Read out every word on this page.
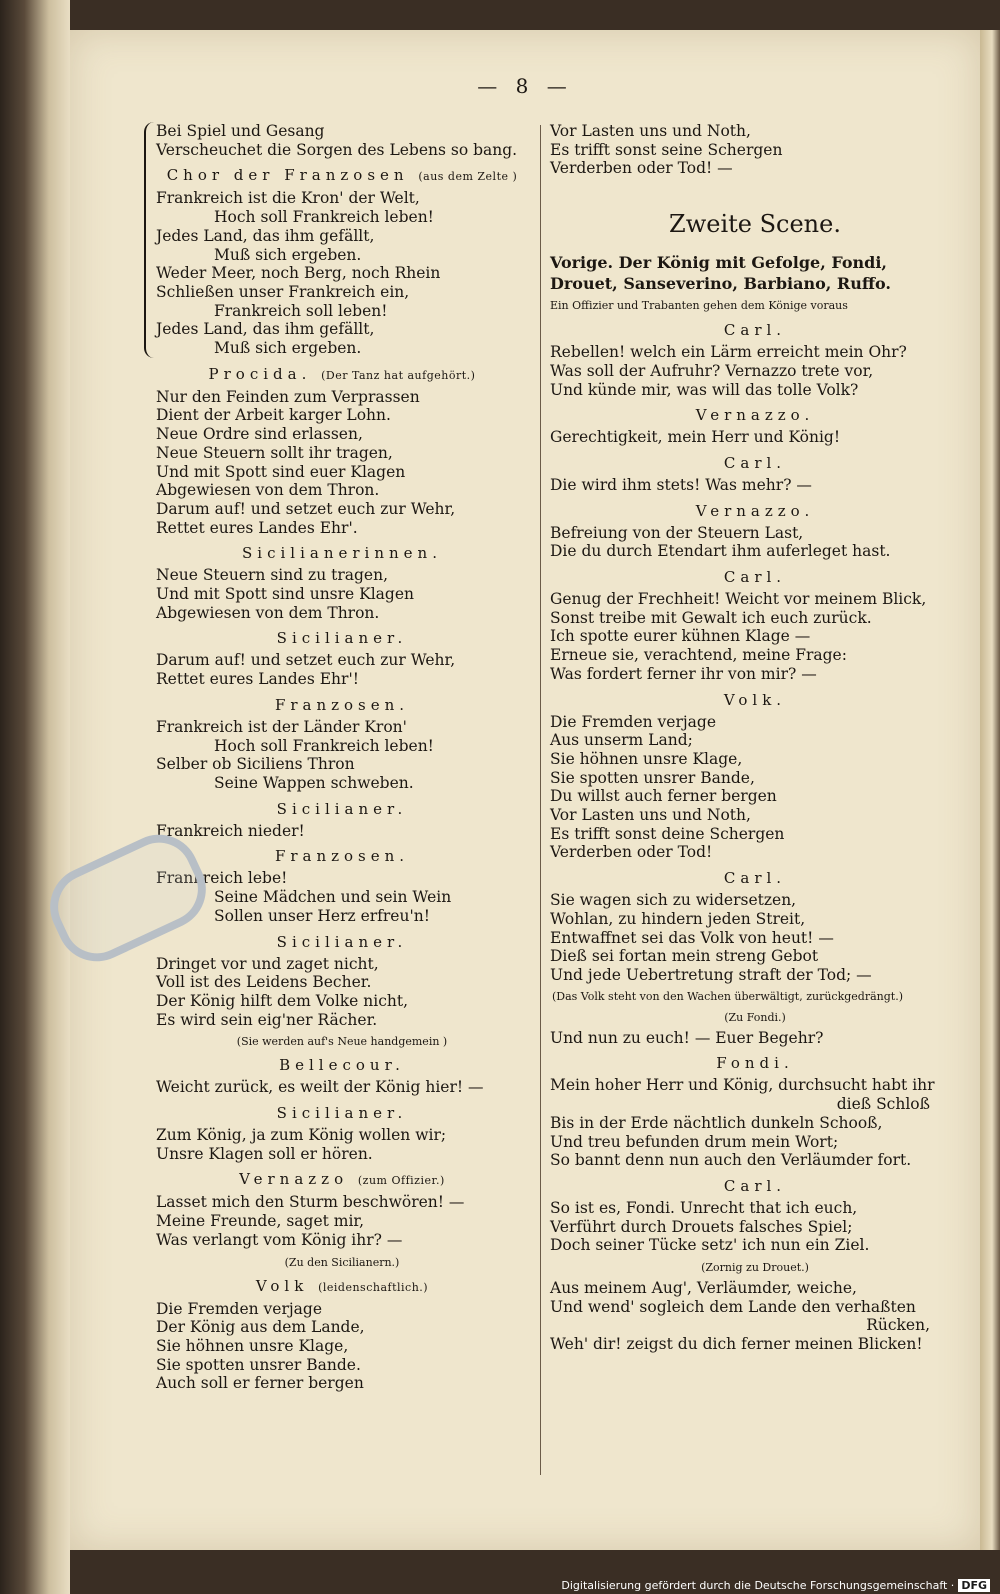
— 8 —
Bei Spiel und Gesang
Verscheuchet die Sorgen des Lebens so bang.
Chor der Franzosen (aus dem Zelte )
Frankreich ist die Kron' der Welt,
Hoch soll Frankreich leben!
Jedes Land, das ihm gefällt,
Muß sich ergeben.
Weder Meer, noch Berg, noch Rhein
Schließen unser Frankreich ein,
Frankreich soll leben!
Jedes Land, das ihm gefällt,
Muß sich ergeben.
Procida. (Der Tanz hat aufgehört.)
Nur den Feinden zum Verprassen
Dient der Arbeit karger Lohn.
Neue Ordre sind erlassen,
Neue Steuern sollt ihr tragen,
Und mit Spott sind euer Klagen
Abgewiesen von dem Thron.
Darum auf! und setzet euch zur Wehr,
Rettet eures Landes Ehr'.
Sicilianerinnen.
Neue Steuern sind zu tragen,
Und mit Spott sind unsre Klagen
Abgewiesen von dem Thron.
Sicilianer.
Darum auf! und setzet euch zur Wehr,
Rettet eures Landes Ehr'!
Franzosen.
Frankreich ist der Länder Kron'
Hoch soll Frankreich leben!
Selber ob Siciliens Thron
Seine Wappen schweben.
Sicilianer.
Frankreich nieder!
Franzosen.
Frankreich lebe!
Seine Mädchen und sein Wein
Sollen unser Herz erfreu'n!
Sicilianer.
Dringet vor und zaget nicht,
Voll ist des Leidens Becher.
Der König hilft dem Volke nicht,
Es wird sein eig'ner Rächer.
(Sie werden auf's Neue handgemein )
Bellecour.
Weicht zurück, es weilt der König hier! —
Sicilianer.
Zum König, ja zum König wollen wir;
Unsre Klagen soll er hören.
Vernazzo (zum Offizier.)
Lasset mich den Sturm beschwören! —
Meine Freunde, saget mir,
Was verlangt vom König ihr? —
(Zu den Sicilianern.)
Volk (leidenschaftlich.)
Die Fremden verjage
Der König aus dem Lande,
Sie höhnen unsre Klage,
Sie spotten unsrer Bande.
Auch soll er ferner bergen
Vor Lasten uns und Noth,
Es trifft sonst seine Schergen
Verderben oder Tod! —
Zweite Scene.
Vorige. Der König mit Gefolge, Fondi,
Drouet, Sanseverino, Barbiano, Ruffo.
Ein Offizier und Trabanten gehen dem Könige voraus
Carl.
Rebellen! welch ein Lärm erreicht mein Ohr?
Was soll der Aufruhr? Vernazzo trete vor,
Und künde mir, was will das tolle Volk?
Vernazzo.
Gerechtigkeit, mein Herr und König!
Carl.
Die wird ihm stets! Was mehr? —
Vernazzo.
Befreiung von der Steuern Last,
Die du durch Etendart ihm auferleget hast.
Carl.
Genug der Frechheit! Weicht vor meinem Blick,
Sonst treibe mit Gewalt ich euch zurück.
Ich spotte eurer kühnen Klage —
Erneue sie, verachtend, meine Frage:
Was fordert ferner ihr von mir? —
Volk.
Die Fremden verjage
Aus unserm Land;
Sie höhnen unsre Klage,
Sie spotten unsrer Bande,
Du willst auch ferner bergen
Vor Lasten uns und Noth,
Es trifft sonst deine Schergen
Verderben oder Tod!
Carl.
Sie wagen sich zu widersetzen,
Wohlan, zu hindern jeden Streit,
Entwaffnet sei das Volk von heut! —
Dieß sei fortan mein streng Gebot
Und jede Uebertretung straft der Tod; —
(Das Volk steht von den Wachen überwältigt, zurückgedrängt.)
(Zu Fondi.)
Und nun zu euch! — Euer Begehr?
Fondi.
Mein hoher Herr und König, durchsucht habt ihr
dieß Schloß
Bis in der Erde nächtlich dunkeln Schooß,
Und treu befunden drum mein Wort;
So bannt denn nun auch den Verläumder fort.
Carl.
So ist es, Fondi. Unrecht that ich euch,
Verführt durch Drouets falsches Spiel;
Doch seiner Tücke setz' ich nun ein Ziel.
(Zornig zu Drouet.)
Aus meinem Aug', Verläumder, weiche,
Und wend' sogleich dem Lande den verhaßten
Rücken,
Weh' dir! zeigst du dich ferner meinen Blicken!
Digitalisierung gefördert durch die Deutsche Forschungsgemeinschaft · DFG
